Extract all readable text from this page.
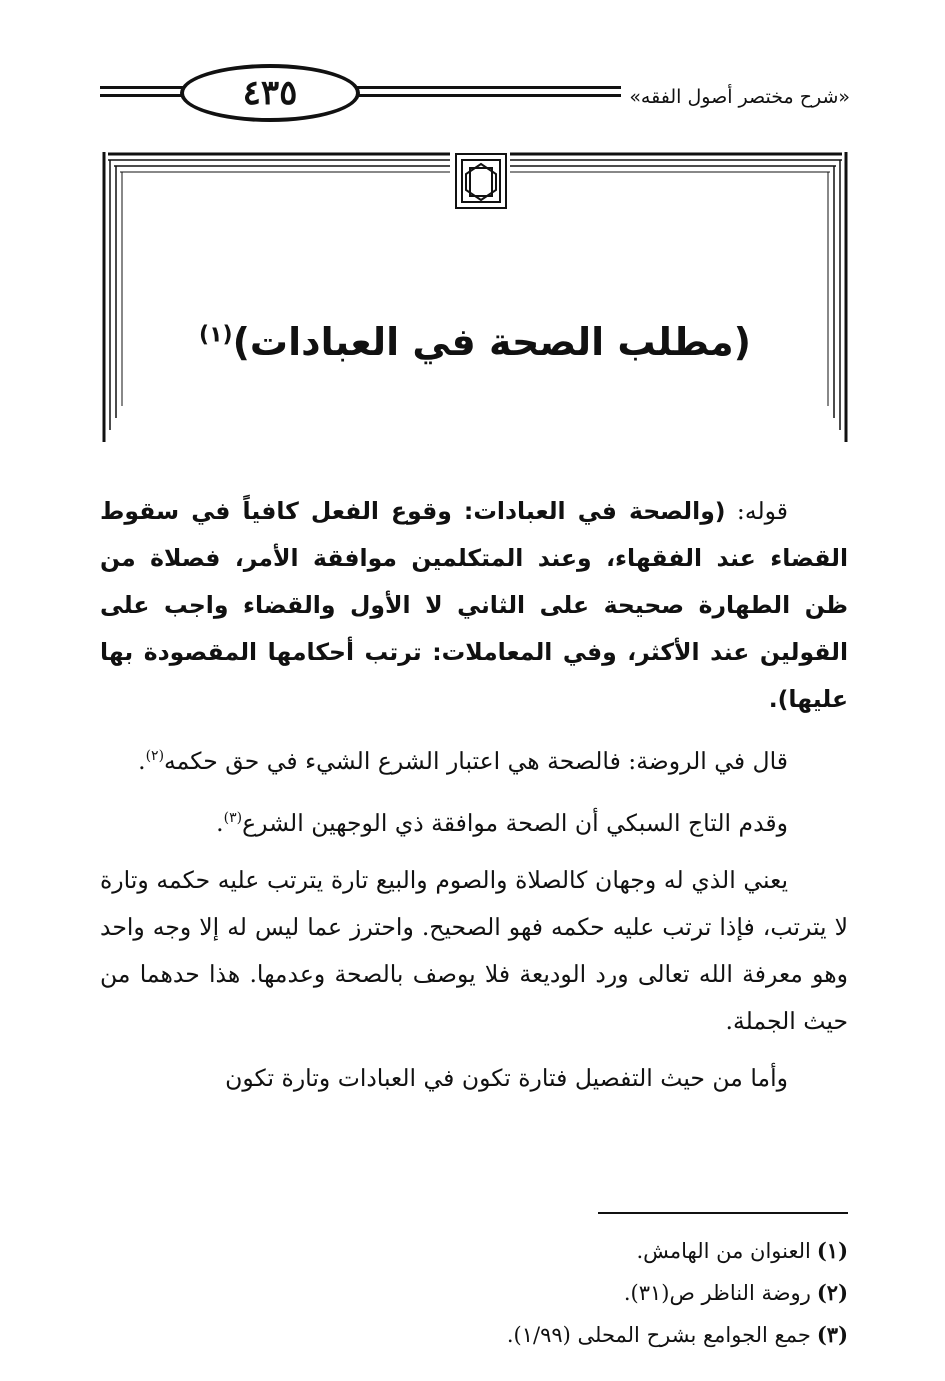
«شرح مختصر أصول الفقه»
٤٣٥
(مطلب الصحة في العبادات)$^{(١)}$

قوله: (والصحة في العبادات: وقوع الفعل كافياً في سقوط القضاء عند الفقهاء، وعند المتكلمين موافقة الأمر، فصلاة من ظن الطهارة صحيحة على الثاني لا الأول والقضاء واجب على القولين عند الأكثر، وفي المعاملات: ترتب أحكامها المقصودة بها عليها).

قال في الروضة: فالصحة هي اعتبار الشرع الشيء في حق حكمه$^{(٢)}$.

وقدم التاج السبكي أن الصحة موافقة ذي الوجهين الشرع$^{(٣)}$.

يعني الذي له وجهان كالصلاة والصوم والبيع تارة يترتب عليه حكمه وتارة لا يترتب، فإذا ترتب عليه حكمه فهو الصحيح. واحترز عما ليس له إلا وجه واحد وهو معرفة الله تعالى ورد الوديعة فلا يوصف بالصحة وعدمها. هذا حدهما من حيث الجملة.

وأما من حيث التفصيل فتارة تكون في العبادات وتارة تكون

(١)العنوان من الهامش.
(٢)روضة الناظر ص(٣١).
(٣)جمع الجوامع بشرح المحلى (١/٩٩).
